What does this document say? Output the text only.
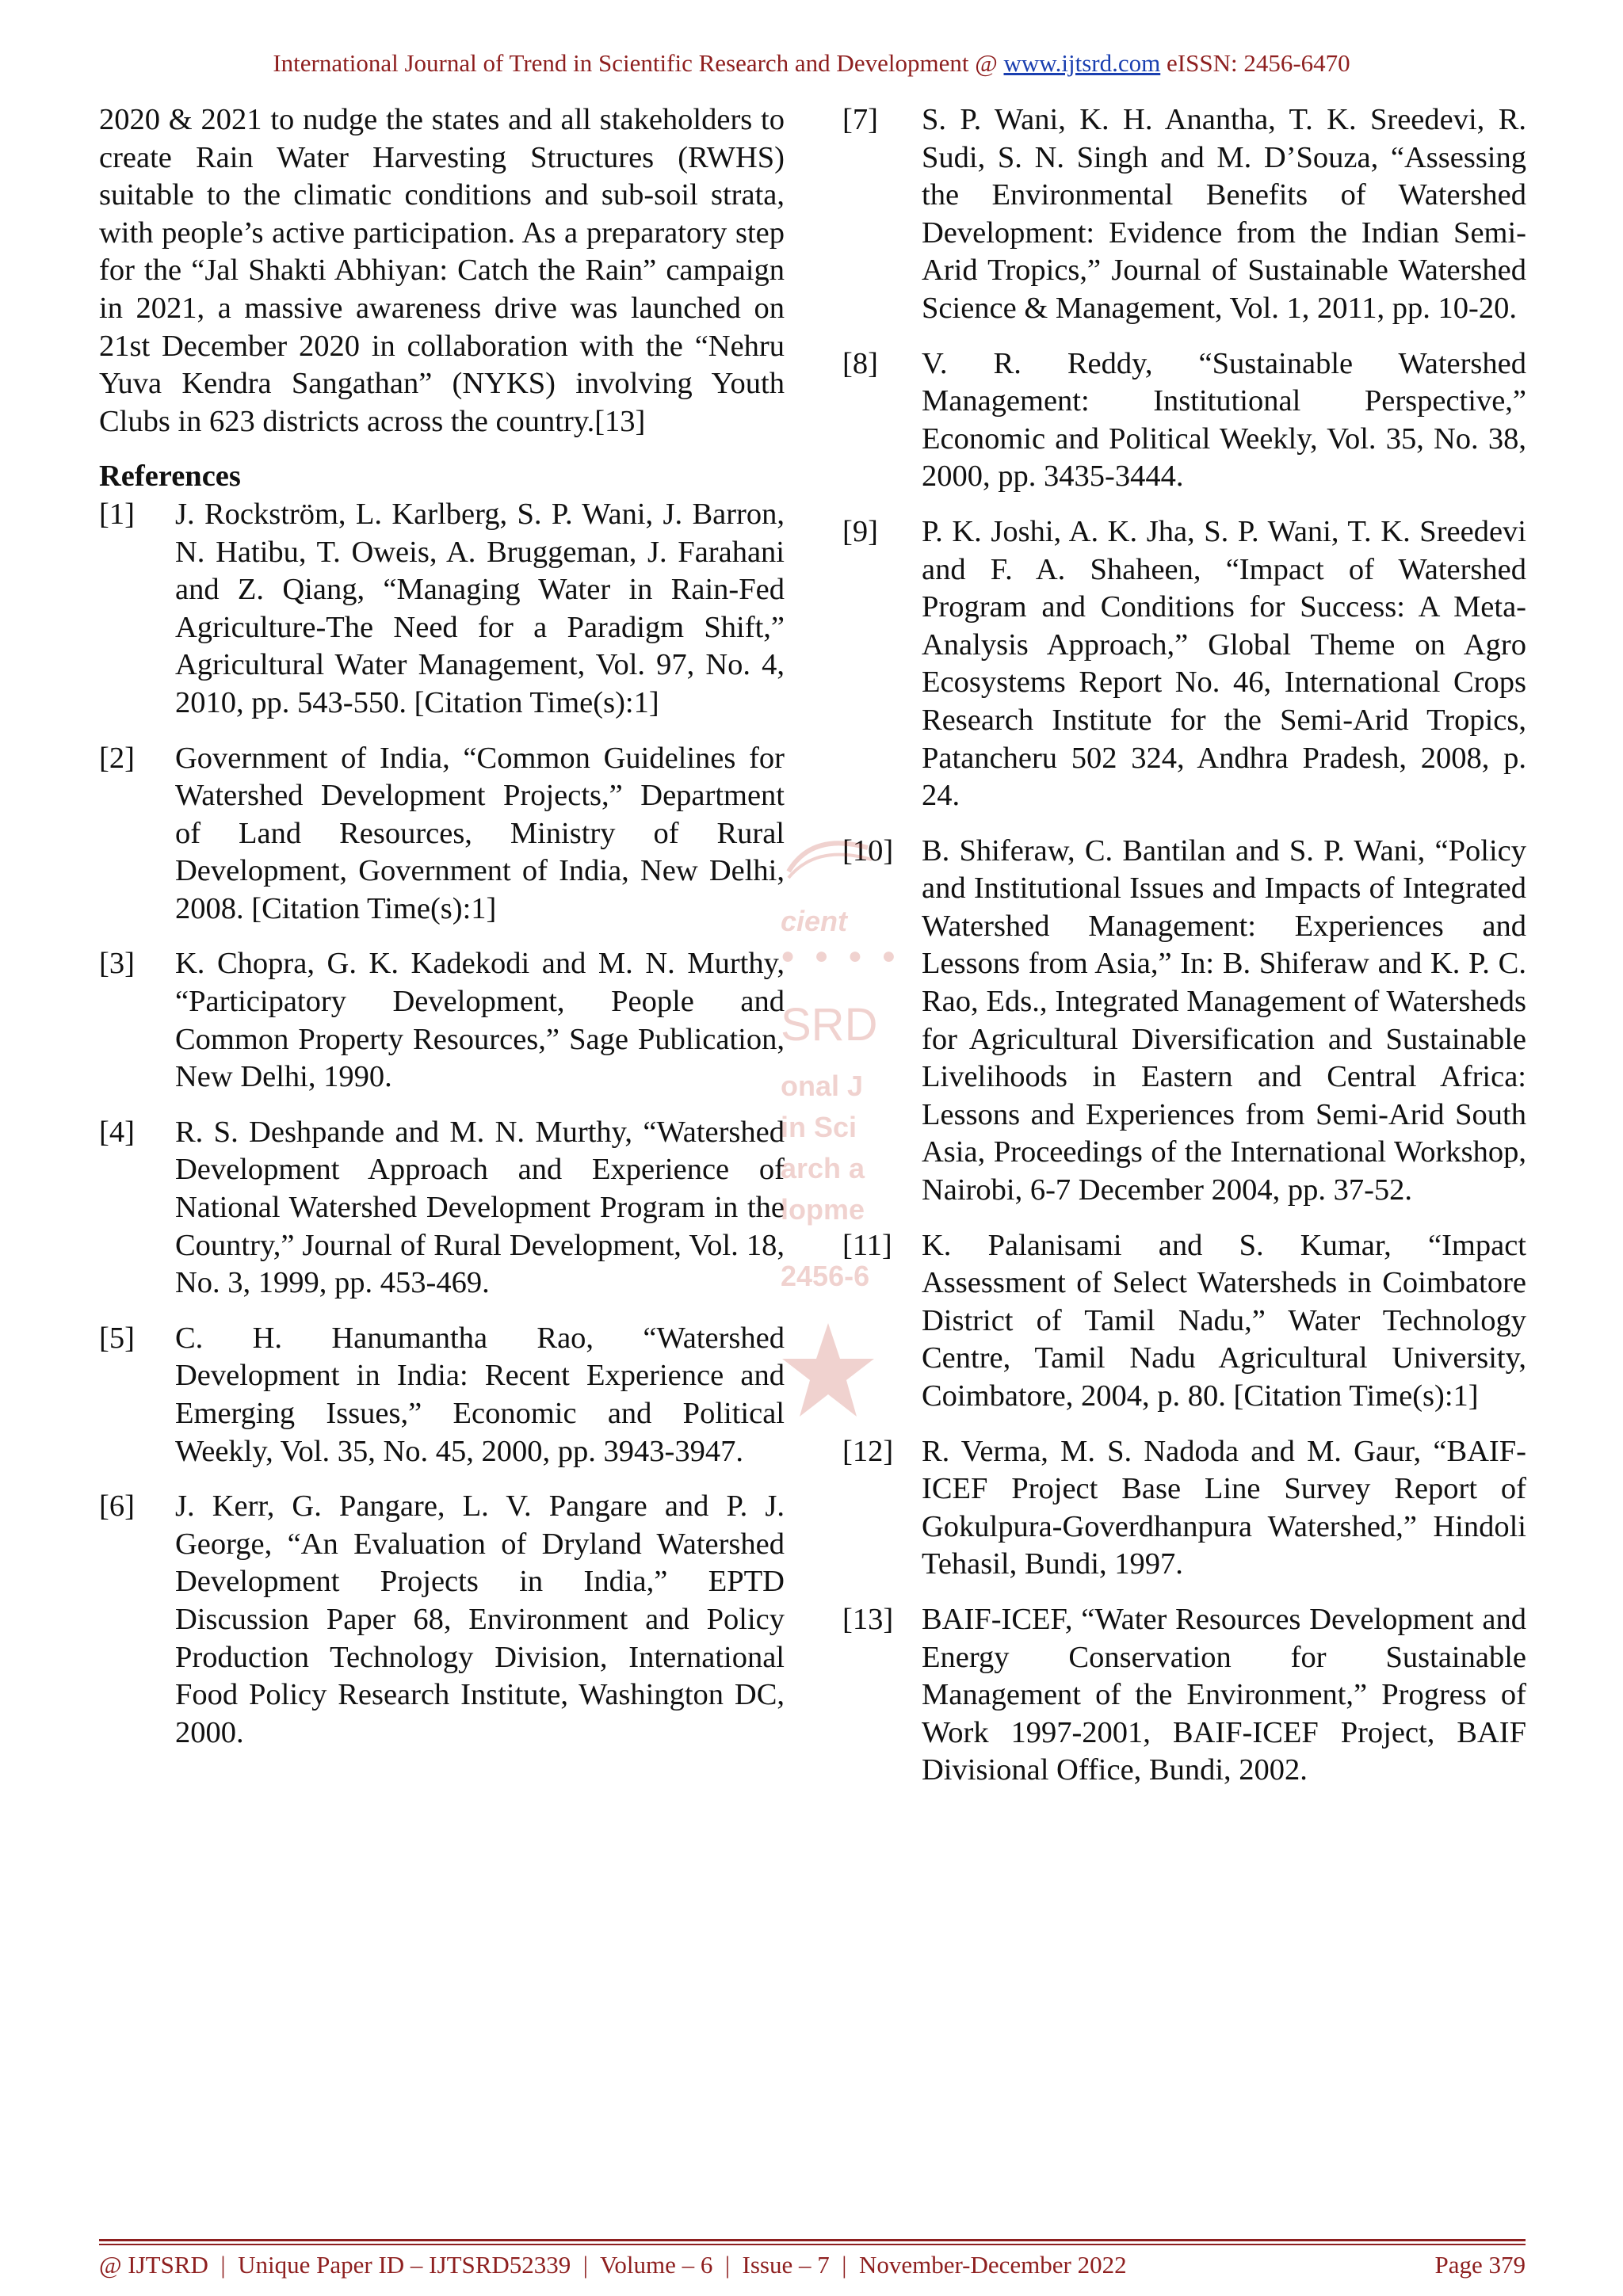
International Journal of Trend in Scientific Research and Development @ www.ijtsrd.com eISSN: 2456-6470

2020 & 2021 to nudge the states and all stakeholders to create Rain Water Harvesting Structures (RWHS) suitable to the climatic conditions and sub-soil strata, with people’s active participation. As a preparatory step for the “Jal Shakti Abhiyan: Catch the Rain” campaign in 2021, a massive awareness drive was launched on 21st December 2020 in collaboration with the “Nehru Yuva Kendra Sangathan” (NYKS) involving Youth Clubs in 623 districts across the country.[13]

References
[1]	J. Rockström, L. Karlberg, S. P. Wani, J. Barron, N. Hatibu, T. Oweis, A. Bruggeman, J. Farahani and Z. Qiang, “Managing Water in Rain-Fed Agriculture-The Need for a Paradigm Shift,” Agricultural Water Management, Vol. 97, No. 4, 2010, pp. 543-550. [Citation Time(s):1]
[2]	Government of India, “Common Guidelines for Watershed Development Projects,” Department of Land Resources, Ministry of Rural Development, Government of India, New Delhi, 2008. [Citation Time(s):1]
[3]	K. Chopra, G. K. Kadekodi and M. N. Murthy, “Participatory Development, People and Common Property Resources,” Sage Publication, New Delhi, 1990.
[4]	R. S. Deshpande and M. N. Murthy, “Watershed Development Approach and Experience of National Watershed Development Program in the Country,” Journal of Rural Development, Vol. 18, No. 3, 1999, pp. 453-469.
[5]	C. H. Hanumantha Rao, “Watershed Development in India: Recent Experience and Emerging Issues,” Economic and Political Weekly, Vol. 35, No. 45, 2000, pp. 3943-3947.
[6]	J. Kerr, G. Pangare, L. V. Pangare and P. J. George, “An Evaluation of Dryland Watershed Development Projects in India,” EPTD Discussion Paper 68, Environment and Policy Production Technology Division, International Food Policy Research Institute, Washington DC, 2000.
[7]	S. P. Wani, K. H. Anantha, T. K. Sreedevi, R. Sudi, S. N. Singh and M. D’Souza, “Assessing the Environmental Benefits of Watershed Development: Evidence from the Indian Semi-Arid Tropics,” Journal of Sustainable Watershed Science & Management, Vol. 1, 2011, pp. 10-20.
[8]	V. R. Reddy, “Sustainable Watershed Management: Institutional Perspective,” Economic and Political Weekly, Vol. 35, No. 38, 2000, pp. 3435-3444.
[9]	P. K. Joshi, A. K. Jha, S. P. Wani, T. K. Sreedevi and F. A. Shaheen, “Impact of Watershed Program and Conditions for Success: A Meta-Analysis Approach,” Global Theme on Agro Ecosystems Report No. 46, International Crops Research Institute for the Semi-Arid Tropics, Patancheru 502 324, Andhra Pradesh, 2008, p. 24.
[10] B. Shiferaw, C. Bantilan and S. P. Wani, “Policy and Institutional Issues and Impacts of Integrated Watershed Management: Experiences and Lessons from Asia,” In: B. Shiferaw and K. P. C. Rao, Eds., Integrated Management of Watersheds for Agricultural Diversification and Sustainable Livelihoods in Eastern and Central Africa: Lessons and Experiences from Semi-Arid South Asia, Proceedings of the International Workshop, Nairobi, 6-7 December 2004, pp. 37-52.
[11] K. Palanisami and S. Kumar, “Impact Assessment of Select Watersheds in Coimbatore District of Tamil Nadu,” Water Technology Centre, Tamil Nadu Agricultural University, Coimbatore, 2004, p. 80. [Citation Time(s):1]
[12] R. Verma, M. S. Nadoda and M. Gaur, “BAIF-ICEF Project Base Line Survey Report of Gokulpura-Goverdhanpura Watershed,” Hindoli Tehasil, Bundi, 1997.
[13] BAIF-ICEF, “Water Resources Development and Energy Conservation for Sustainable Management of the Environment,” Progress of Work 1997-2001, BAIF-ICEF Project, BAIF Divisional Office, Bundi, 2002.
cient
● ● ● ●
SRD
onal J
in Sci
arch a
lopme
2456-6
@ IJTSRD  |  Unique Paper ID – IJTSRD52339  |  Volume – 6  |  Issue – 7  |  November-December 2022	Page 379
